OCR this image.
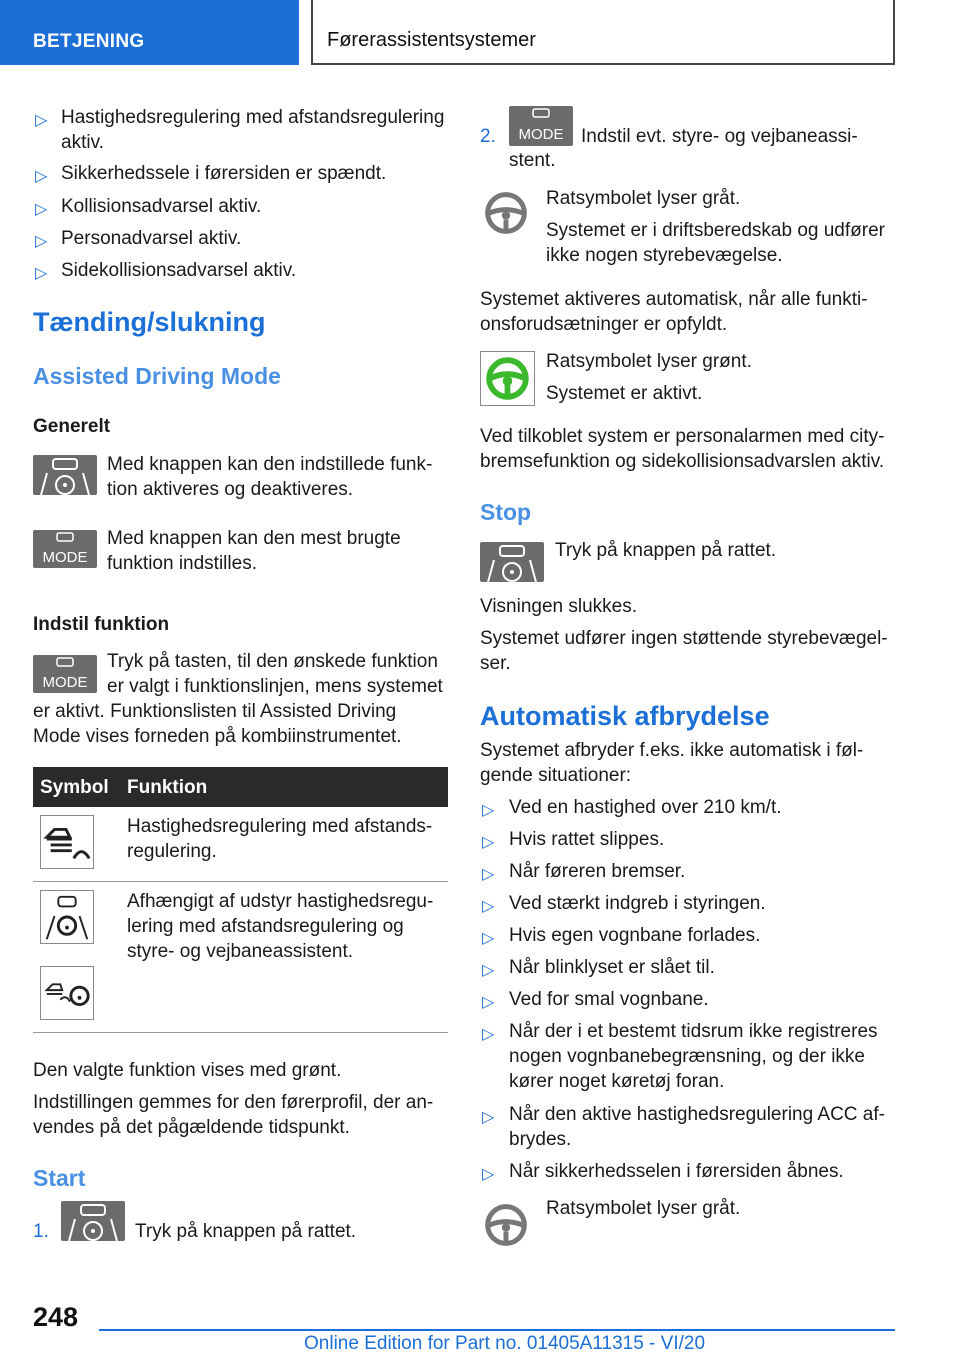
BETJENING	Førerassistentsystemer
▷ Hastighedsregulering med afstandsregulering
aktiv.
▷ Sikkerhedssele i førersiden er spændt.
▷ Kollisionsadvarsel aktiv.
▷ Personadvarsel aktiv.
▷ Sidekollisionsadvarsel aktiv.
Tænding/slukning
Assisted Driving Mode
Generelt
Med knappen kan den indstillede funk-
tion aktiveres og deaktiveres.
MODE
Med knappen kan den mest brugte
funktion indstilles.
Indstil funktion
MODE
Tryk på tasten, til den ønskede funktion
er valgt i funktionslinjen, mens systemet
er aktivt. Funktionslisten til Assisted Driving
Mode vises forneden på kombiinstrumentet.
Symbol Funktion
Hastighedsregulering med afstands-
regulering.
Afhængigt af udstyr hastighedsregu-
lering med afstandsregulering og
styre- og vejbaneassistent.
Den valgte funktion vises med grønt.
Indstillingen gemmes for den førerprofil, der an-
vendes på det pågældende tidspunkt.
Start
1.	Tryk på knappen på rattet.
2. MODE Indstil evt. styre- og vejbaneassi-
stent.
Ratsymbolet lyser gråt.
Systemet er i driftsberedskab og udfører
ikke nogen styrebevægelse.
Systemet aktiveres automatisk, når alle funkti-
onsforudsætninger er opfyldt.
Ratsymbolet lyser grønt.
Systemet er aktivt.
Ved tilkoblet system er personalarmen med city-
bremsefunktion og sidekollisionsadvarslen aktiv.
Stop
Tryk på knappen på rattet.
Visningen slukkes.
Systemet udfører ingen støttende styrebevægel-
ser.
Automatisk afbrydelse
Systemet afbryder f.eks. ikke automatisk i føl-
gende situationer:
▷ Ved en hastighed over 210 km/t.
▷ Hvis rattet slippes.
▷ Når føreren bremser.
▷ Ved stærkt indgreb i styringen.
▷ Hvis egen vognbane forlades.
▷ Når blinklyset er slået til.
▷ Ved for smal vognbane.
▷ Når der i et bestemt tidsrum ikke registreres
nogen vognbanebegrænsning, og der ikke
kører noget køretøj foran.
▷ Når den aktive hastighedsregulering ACC af-
brydes.
▷ Når sikkerhedsselen i førersiden åbnes.
Ratsymbolet lyser gråt.
248
Online Edition for Part no. 01405A11315 - VI/20
